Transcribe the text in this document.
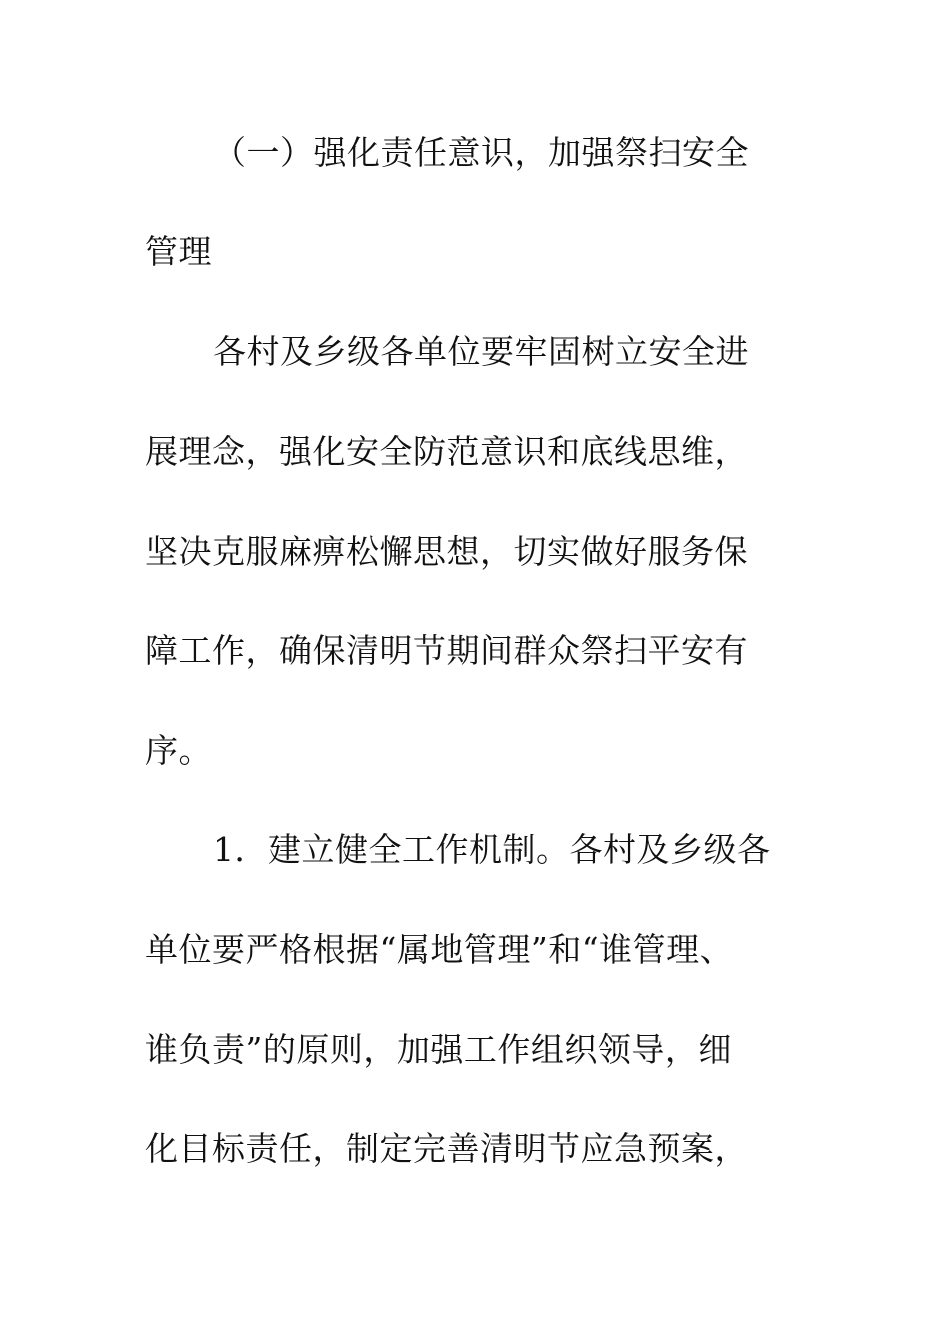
（一）强化责任意识，加强祭扫安全
管理
各村及乡级各单位要牢固树立安全进
展理念，强化安全防范意识和底线思维，
坚决克服麻痹松懈思想，切实做好服务保
障工作，确保清明节期间群众祭扫平安有
序。
1．建立健全工作机制。各村及乡级各
单位要严格根据“属地管理”和“谁管理、
谁负责”的原则，加强工作组织领导，细
化目标责任，制定完善清明节应急预案，
